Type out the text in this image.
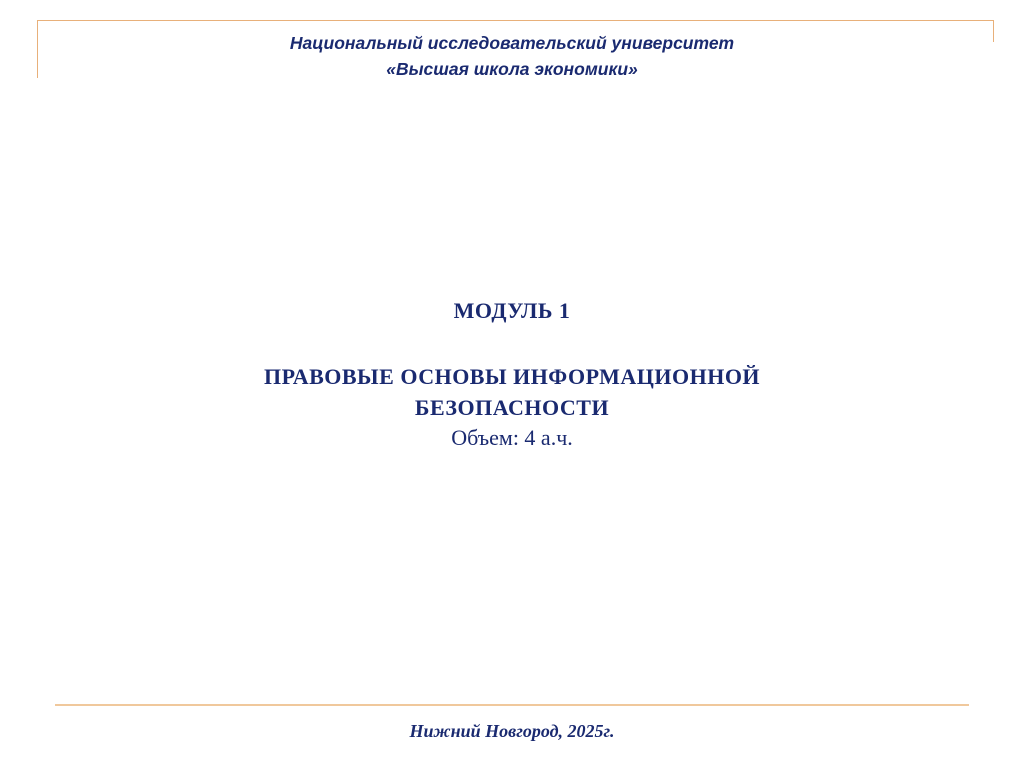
Национальный исследовательский университет
«Высшая школа экономики»
МОДУЛЬ 1
ПРАВОВЫЕ ОСНОВЫ ИНФОРМАЦИОННОЙ
БЕЗОПАСНОСТИ
Объем: 4 а.ч.
Нижний Новгород, 2025г.
